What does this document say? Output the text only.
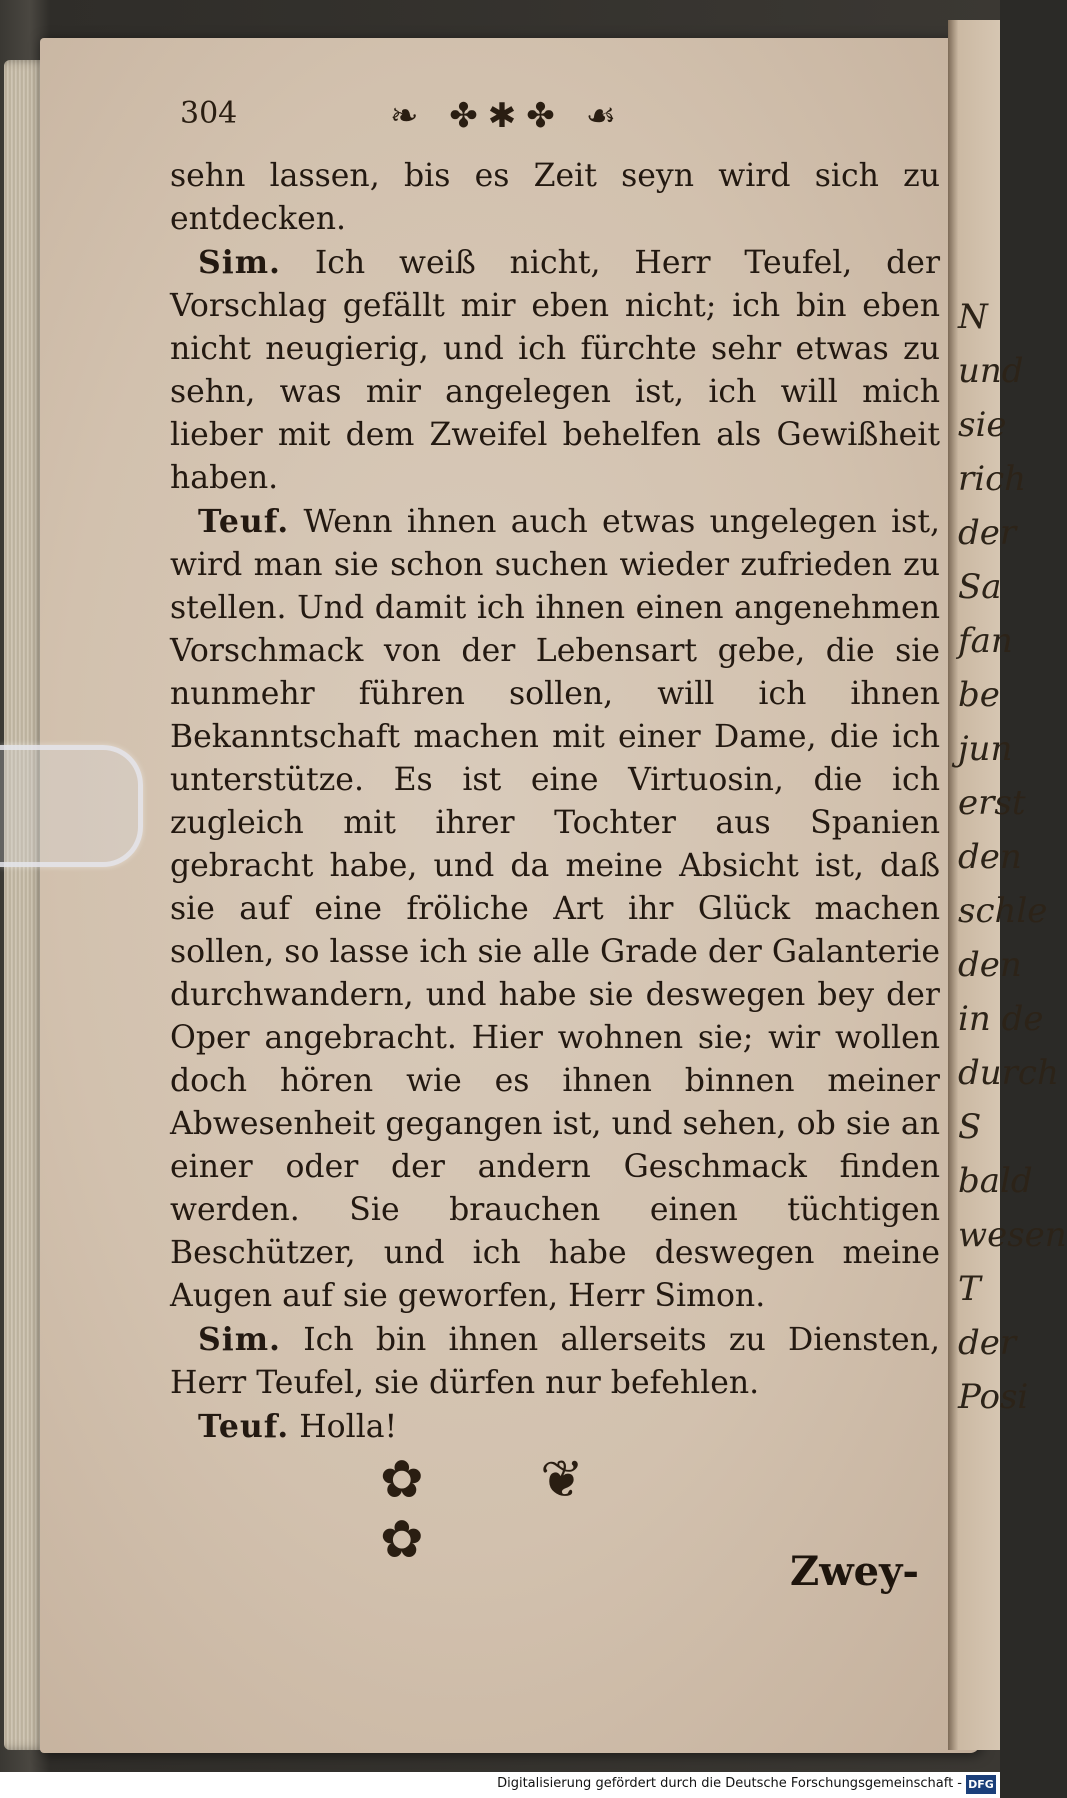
N
und
sie
rich
der
Sa
fan
be
jun
erst
den
schle
den
in de
durch
S
bald
wesen
T
der
Posi
304	❧ ✤✱✤ ☙

sehn lassen, bis es Zeit seyn wird sich zu entdecken.

Sim. Ich weiß nicht, Herr Teufel, der Vorschlag gefällt mir eben nicht; ich bin eben nicht neugierig, und ich fürchte sehr etwas zu sehn, was mir angelegen ist, ich will mich lieber mit dem Zweifel behelfen als Gewißheit haben.

Teuf. Wenn ihnen auch etwas ungelegen ist, wird man sie schon suchen wieder zufrieden zu stellen. Und damit ich ihnen einen angenehmen Vorschmack von der Lebensart gebe, die sie nunmehr führen sollen, will ich ihnen Bekanntschaft machen mit einer Dame, die ich unterstütze. Es ist eine Virtuosin, die ich zugleich mit ihrer Tochter aus Spanien gebracht habe, und da meine Absicht ist, daß sie auf eine fröliche Art ihr Glück machen sollen, so lasse ich sie alle Grade der Galanterie durchwandern, und habe sie deswegen bey der Oper angebracht. Hier wohnen sie; wir wollen doch hören wie es ihnen binnen meiner Abwesenheit gegangen ist, und sehen, ob sie an einer oder der andern Geschmack finden werden. Sie brauchen einen tüchtigen Beschützer, und ich habe deswegen meine Augen auf sie geworfen, Herr Simon.

Sim. Ich bin ihnen allerseits zu Diensten, Herr Teufel, sie dürfen nur befehlen.

Teuf. Holla!

✿ ❦ ✿
Zwey-
Digitalisierung gefördert durch die Deutsche Forschungsgemeinschaft - DFG
